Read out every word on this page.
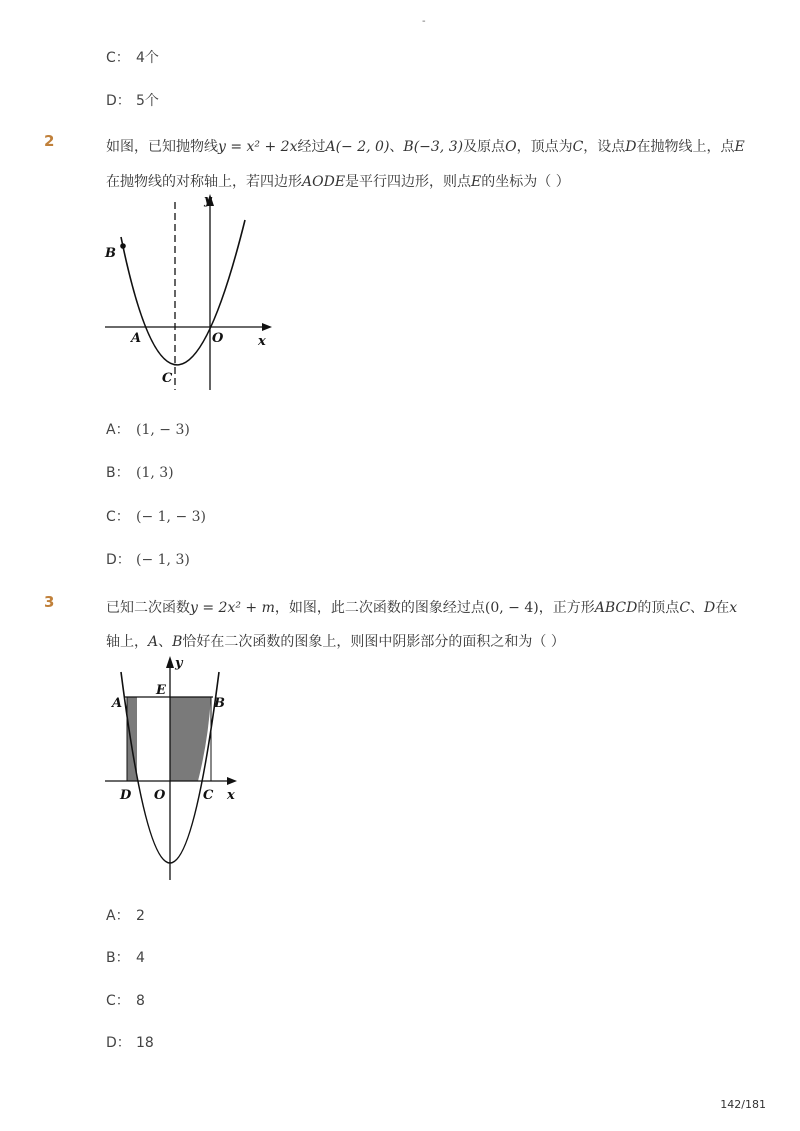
-
C： 4个
D： 5个
2	如图，已知抛物线y = x² + 2x经过A(− 2, 0)、B(−3, 3)及原点O，顶点为C，设点D在抛物线上，点E
在抛物线的对称轴上，若四边形AODE是平行四边形，则点E的坐标为（ ）
y
x
B
A	O
C
A： (1, − 3)
B： (1, 3)
C： (− 1, − 3)
D： (− 1, 3)
3	已知二次函数y = 2x² + m，如图，此二次函数的图象经过点(0, − 4)，正方形ABCD的顶点C、D在x
轴上，A、B恰好在二次函数的图象上，则图中阴影部分的面积之和为（ ）
y
x
A
E
B
D O	C
A： 2
B： 4
C： 8
D： 18
142/181
